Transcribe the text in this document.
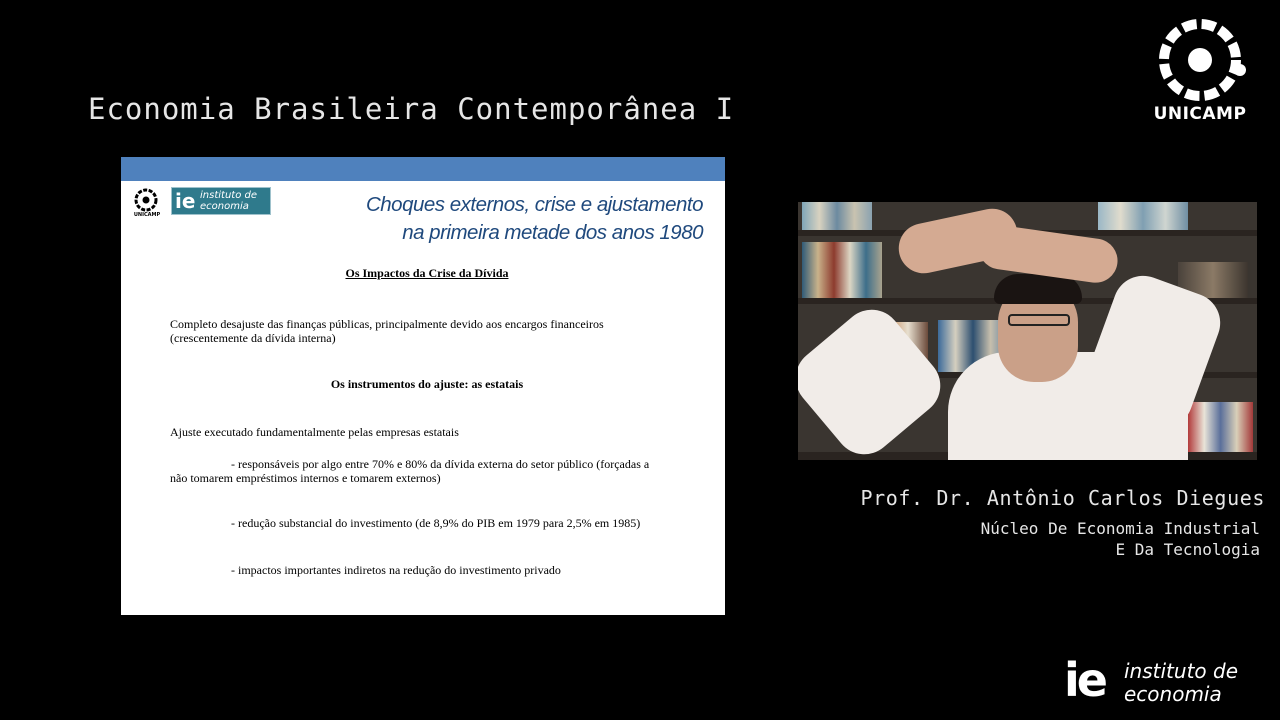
Economia Brasileira Contemporânea I	UNICAMP
UNICAMP
ie instituto de
economia	Choques externos, crise e ajustamento
na primeira metade dos anos 1980
Os Impactos da Crise da Dívida
Completo desajuste das finanças públicas, principalmente devido aos encargos financeiros
(crescentemente da dívida interna)
Os instrumentos do ajuste: as estatais
Ajuste executado fundamentalmente pelas empresas estatais
- responsáveis por algo entre 70% e 80% da dívida externa do setor público (forçadas a
não tomarem empréstimos internos e tomarem externos)
- redução substancial do investimento (de 8,9% do PIB em 1979 para 2,5% em 1985)
- impactos importantes indiretos na redução do investimento privado
Prof. Dr. Antônio Carlos Diegues
Núcleo De Economia Industrial
E Da Tecnologia
ie instituto de
economia
